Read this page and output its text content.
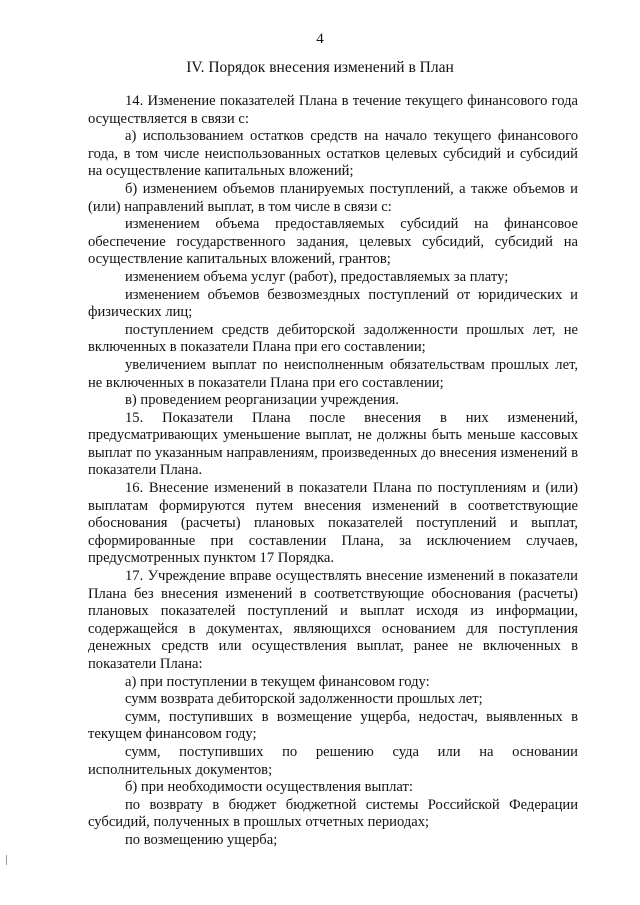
4
IV. Порядок внесения изменений в План

14. Изменение показателей Плана в течение текущего финансового года осуществляется в связи с:

а) использованием остатков средств на начало текущего финансового года, в том числе неиспользованных остатков целевых субсидий и субсидий на осуществление капитальных вложений;

б) изменением объемов планируемых поступлений, а также объемов и (или) направлений выплат, в том числе в связи с:

изменением объема предоставляемых субсидий на финансовое обеспечение государственного задания, целевых субсидий, субсидий на осуществление капитальных вложений, грантов;

изменением объема услуг (работ), предоставляемых за плату;

изменением объемов безвозмездных поступлений от юридических и физических лиц;

поступлением средств дебиторской задолженности прошлых лет, не включенных в показатели Плана при его составлении;

увеличением выплат по неисполненным обязательствам прошлых лет, не включенных в показатели Плана при его составлении;

в) проведением реорганизации учреждения.

15. Показатели Плана после внесения в них изменений, предусматривающих уменьшение выплат, не должны быть меньше кассовых выплат по указанным направлениям, произведенных до внесения изменений в показатели Плана.

16. Внесение изменений в показатели Плана по поступлениям и (или) выплатам формируются путем внесения изменений в соответствующие обоснования (расчеты) плановых показателей поступлений и выплат, сформированные при составлении Плана, за исключением случаев, предусмотренных пунктом 17 Порядка.

17. Учреждение вправе осуществлять внесение изменений в показатели Плана без внесения изменений в соответствующие обоснования (расчеты) плановых показателей поступлений и выплат исходя из информации, содержащейся в документах, являющихся основанием для поступления денежных средств или осуществления выплат, ранее не включенных в показатели Плана:

а) при поступлении в текущем финансовом году:

сумм возврата дебиторской задолженности прошлых лет;

сумм, поступивших в возмещение ущерба, недостач, выявленных в текущем финансовом году;

сумм, поступивших по решению суда или на основании исполнительных документов;

б) при необходимости осуществления выплат:

по возврату в бюджет бюджетной системы Российской Федерации субсидий, полученных в прошлых отчетных периодах;

по возмещению ущерба;
